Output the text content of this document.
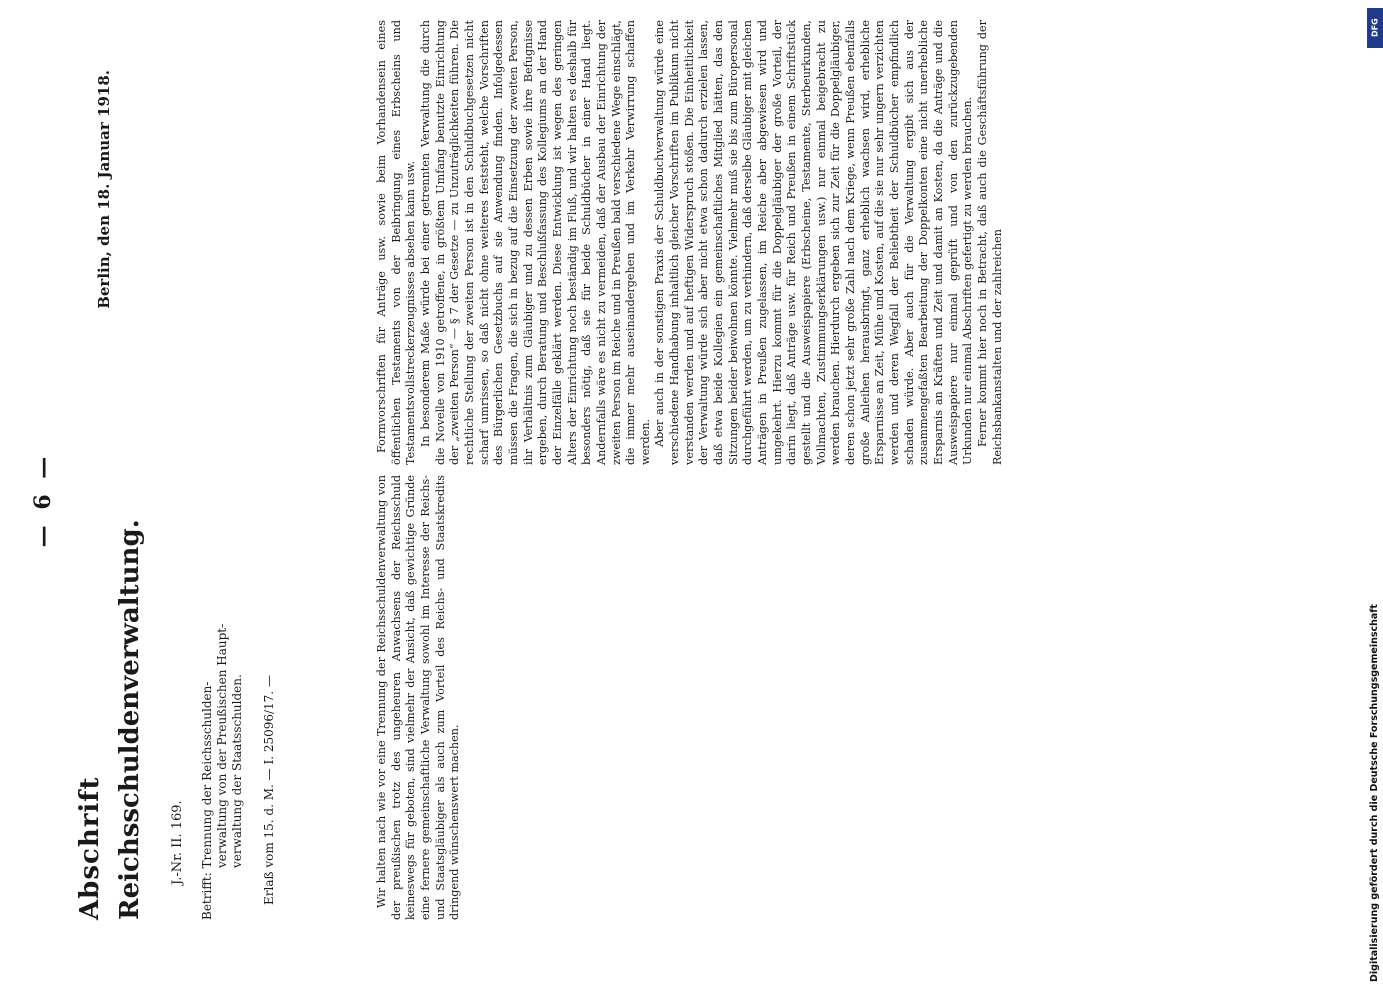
— 6 —
Abschrift Reichsschuldenverwaltung. J.-Nr. II. 169. Betrifft: Trennung der Reichsschulden- verwaltung von der Preußischen Haupt- verwaltung der Staatsschulden. Erlaß vom 15. d. M. — I. 25096/17. —
Berlin, den 18. Januar 1918.

Wir halten nach wie vor eine Trennung der Reichsschuldenverwaltung von der preußischen trotz des ungeheuren Anwachsens der Reichsschuld keineswegs für geboten, sind vielmehr der Ansicht, daß gewichtige Gründe eine fernere gemeinschaftliche Verwaltung sowohl im Interesse der Reichs- und Staatsgläubiger als auch zum Vorteil des Reichs- und Staatskredits dringend wünschenswert machen.

Formvorschriften für Anträge usw. sowie beim Vorhandensein eines öffentlichen Testaments von der Beibringung eines Erbscheins und Testamentsvollstreckerzeugnisses absehen kann usw. In besonderem Maße würde bei einer getrennten Verwaltung die durch die Novelle von 1910 getroffene, in größtem Umfang benutzte Einrichtung der „zweiten Person“ — § 7 der Gesetze — zu Unzuträglichkeiten führen. Die rechtliche Stellung der zweiten Person ist in den Schuldbuchgesetzen nicht scharf umrissen, so daß nicht ohne weiteres feststeht, welche Vorschriften des Bürgerlichen Gesetzbuchs auf sie Anwendung finden. Infolgedessen müssen die Fragen, die sich in bezug auf die Einsetzung der zweiten Person, ihr Verhältnis zum Gläubiger und zu dessen Erben sowie ihre Befugnisse ergeben, durch Beratung und Beschlußfassung des Kollegiums an der Hand der Einzelfälle geklärt werden. Diese Entwicklung ist wegen des geringen Alters der Einrichtung noch beständig im Fluß, und wir halten es deshalb für besonders nötig, daß sie für beide Schuldbücher in einer Hand liegt. Andernfalls wäre es nicht zu vermeiden, daß der Ausbau der Einrichtung der zweiten Person im Reiche und in Preußen bald verschiedene Wege einschlägt, die immer mehr auseinandergehen und im Verkehr Verwirrung schaffen werden. Aber auch in der sonstigen Praxis der Schuldbuchverwaltung würde eine verschiedene Handhabung inhaltlich gleicher Vorschriften im Publikum nicht verstanden werden und auf heftigen Widerspruch stoßen. Die Einheitlichkeit der Verwaltung würde sich aber nicht etwa schon dadurch erzielen lassen, daß etwa beide Kollegien ein gemeinschaftliches Mitglied hätten, das den Sitzungen beider beiwohnen könnte. Vielmehr muß sie bis zum Büropersonal durchgeführt werden, um zu verhindern, daß derselbe Gläubiger mit gleichen Anträgen in Preußen zugelassen, im Reiche aber abgewiesen wird und umgekehrt. Hierzu kommt für die Doppelgläubiger der große Vorteil, der darin liegt, daß Anträge usw. für Reich und Preußen in einem Schriftstück gestellt und die Ausweispapiere (Erbscheine, Testamente, Sterbeurkunden, Vollmachten, Zustimmungserklärungen usw.) nur einmal beigebracht zu werden brauchen. Hierdurch ergeben sich zur Zeit für die Doppelgläubiger, deren schon jetzt sehr große Zahl nach dem Kriege, wenn Preußen ebenfalls große Anleihen herausbringt, ganz erheblich wachsen wird, erhebliche Ersparnisse an Zeit, Mühe und Kosten, auf die sie nur sehr ungern verzichten werden und deren Wegfall der Beliebtheit der Schuldbücher empfindlich schaden würde. Aber auch für die Verwaltung ergibt sich aus der zusammengefaßten Bearbeitung der Doppelkonten eine nicht unerhebliche Ersparnis an Kräften und Zeit und damit an Kosten, da die Anträge und die Ausweispapiere nur einmal geprüft und von den zurückzugebenden Urkunden nur einmal Abschriften gefertigt zu werden brauchen. Ferner kommt hier noch in Betracht, daß auch die Geschäftsführung der Reichsbankanstalten und der zahlreichen

DFG
Digitalisierung gefördert durch die Deutsche Forschungsgemeinschaft
